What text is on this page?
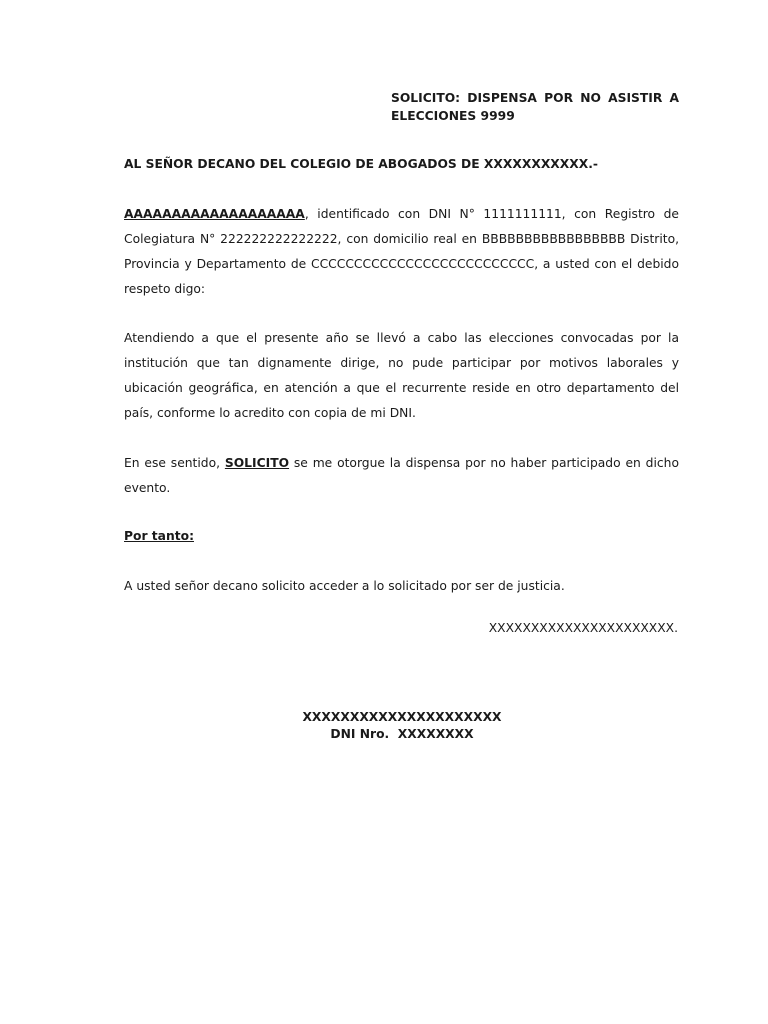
SOLICITO: DISPENSA POR NO ASISTIR A
ELECCIONES 9999
AL SEÑOR DECANO DEL COLEGIO DE ABOGADOS DE XXXXXXXXXXX.-

AAAAAAAAAAAAAAAAAAA, identificado con DNI N° 1111111111, con Registro de Colegiatura N° 222222222222222, con domicilio real en BBBBBBBBBBBBBBBBB Distrito, Provincia y Departamento de CCCCCCCCCCCCCCCCCCCCCCCCCC, a usted con el debido respeto digo:

Atendiendo a que el presente año se llevó a cabo las elecciones convocadas por la institución que tan dignamente dirige, no pude participar por motivos laborales y ubicación geográfica, en atención a que el recurrente reside en otro departamento del país, conforme lo acredito con copia de mi DNI.

En ese sentido, SOLICITO se me otorgue la dispensa por no haber participado en dicho evento.

Por tanto:
A usted señor decano solicito acceder a lo solicitado por ser de justicia.
XXXXXXXXXXXXXXXXXXXXXX.
XXXXXXXXXXXXXXXXXXXXX
DNI Nro.  XXXXXXXX
